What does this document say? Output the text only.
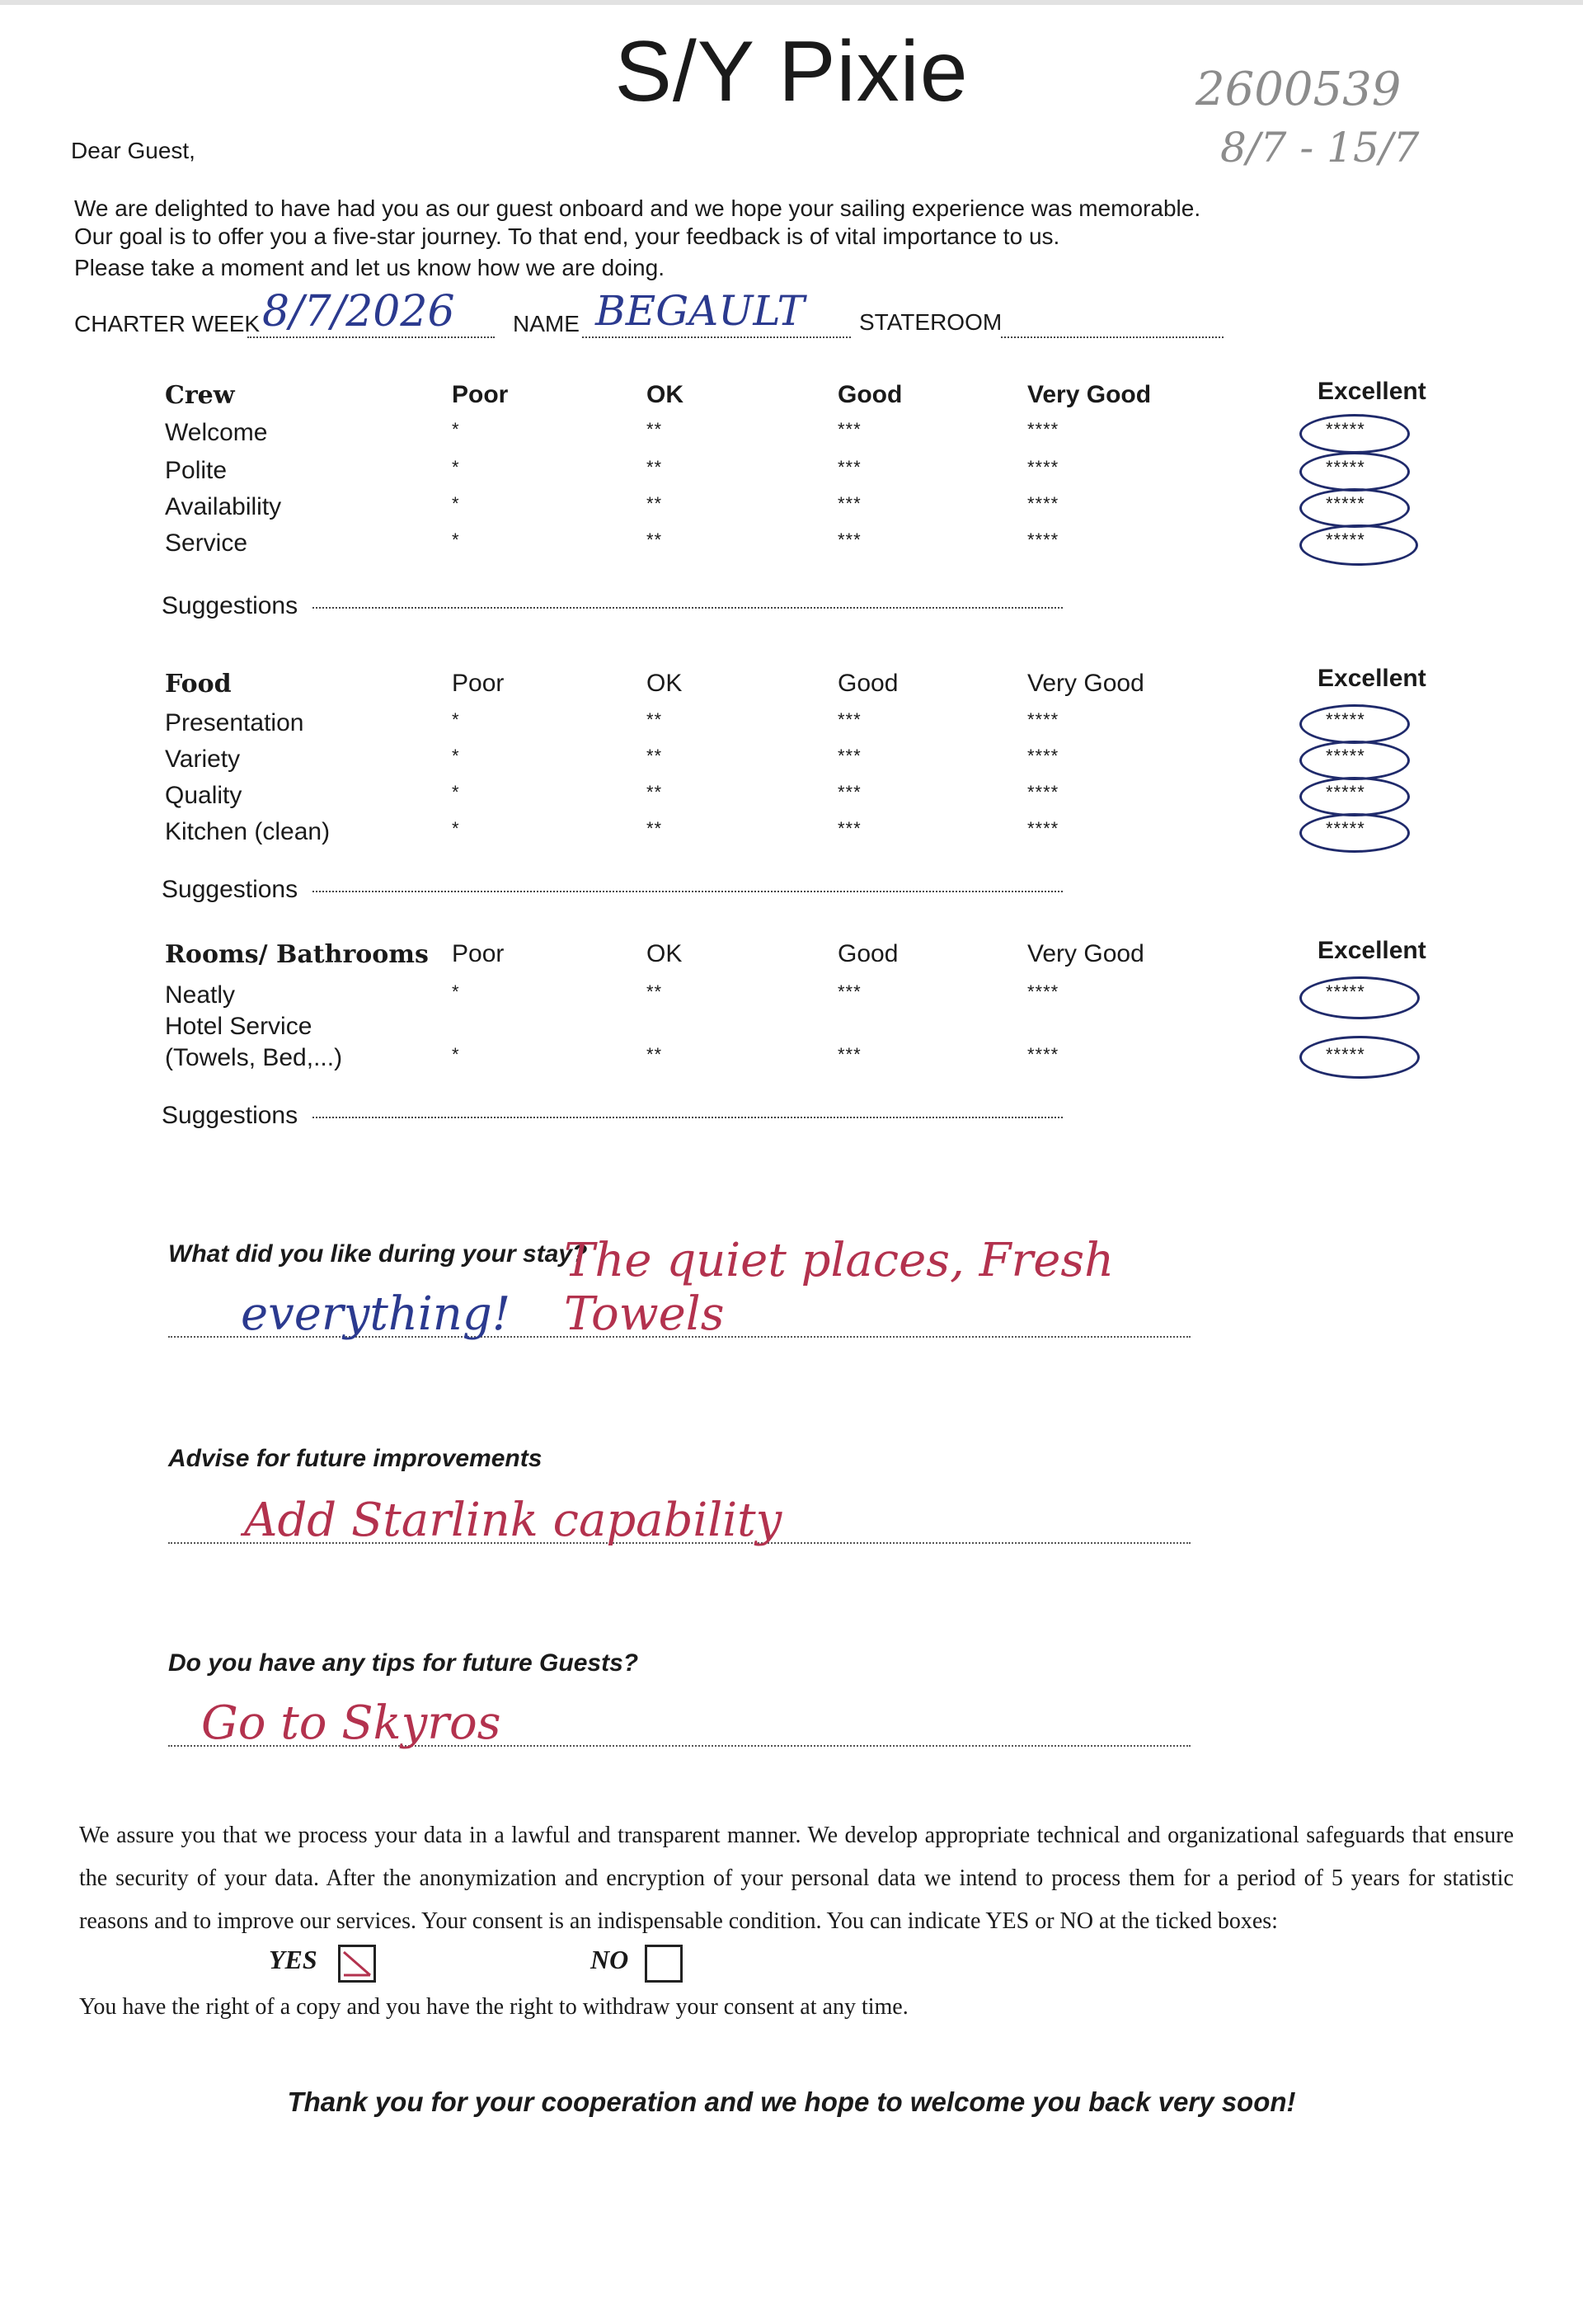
S/Y Pixie	2600539
8/7 - 15/7
Dear Guest,
We are delighted to have had you as our guest onboard and we hope your sailing experience was memorable.
Our goal is to offer you a five-star journey. To that end, your feedback is of vital importance to us.
Please take a moment and let us know how we are doing.
CHARTER WEEK 8/7/2026	NAME BEGAULT STATEROOM
Crew	Poor	OK	Good	Very Good	Excellent
Welcome	*	**	***	****	*****
Polite	*	**	***	****	*****
Availability	*	**	***	****	*****
Service	*	**	***	****	*****
Suggestions
Food	Poor	OK	Good	Very Good	Excellent
Presentation	*	**	***	****	*****
Variety	*	**	***	****	*****
Quality	*	**	***	****	*****
Kitchen (clean)	*	**	***	****	*****
Suggestions
Rooms/ Bathrooms Poor	OK	Good	Very Good	Excellent
Neatly	*	**	***	****	*****
Hotel Service
(Towels, Bed,...)	*	**	***	****	*****
Suggestions
What did you like during your stay?
everything!
The quiet places, Fresh Towels
Advise for future improvements
Add Starlink capability
Do you have any tips for future Guests?
Go to Skyros
We assure you that we process your data in a lawful and transparent manner. We develop appropriate technical and organizational safeguards that ensure the security of your data. After the anonymization and encryption of your personal data we intend to process them for a period of 5 years for statistic reasons and to improve our services. Your consent is an indispensable condition. You can indicate YES or NO at the ticked boxes:
YES	NO
You have the right of a copy and you have the right to withdraw your consent at any time.
Thank you for your cooperation and we hope to welcome you back very soon!
